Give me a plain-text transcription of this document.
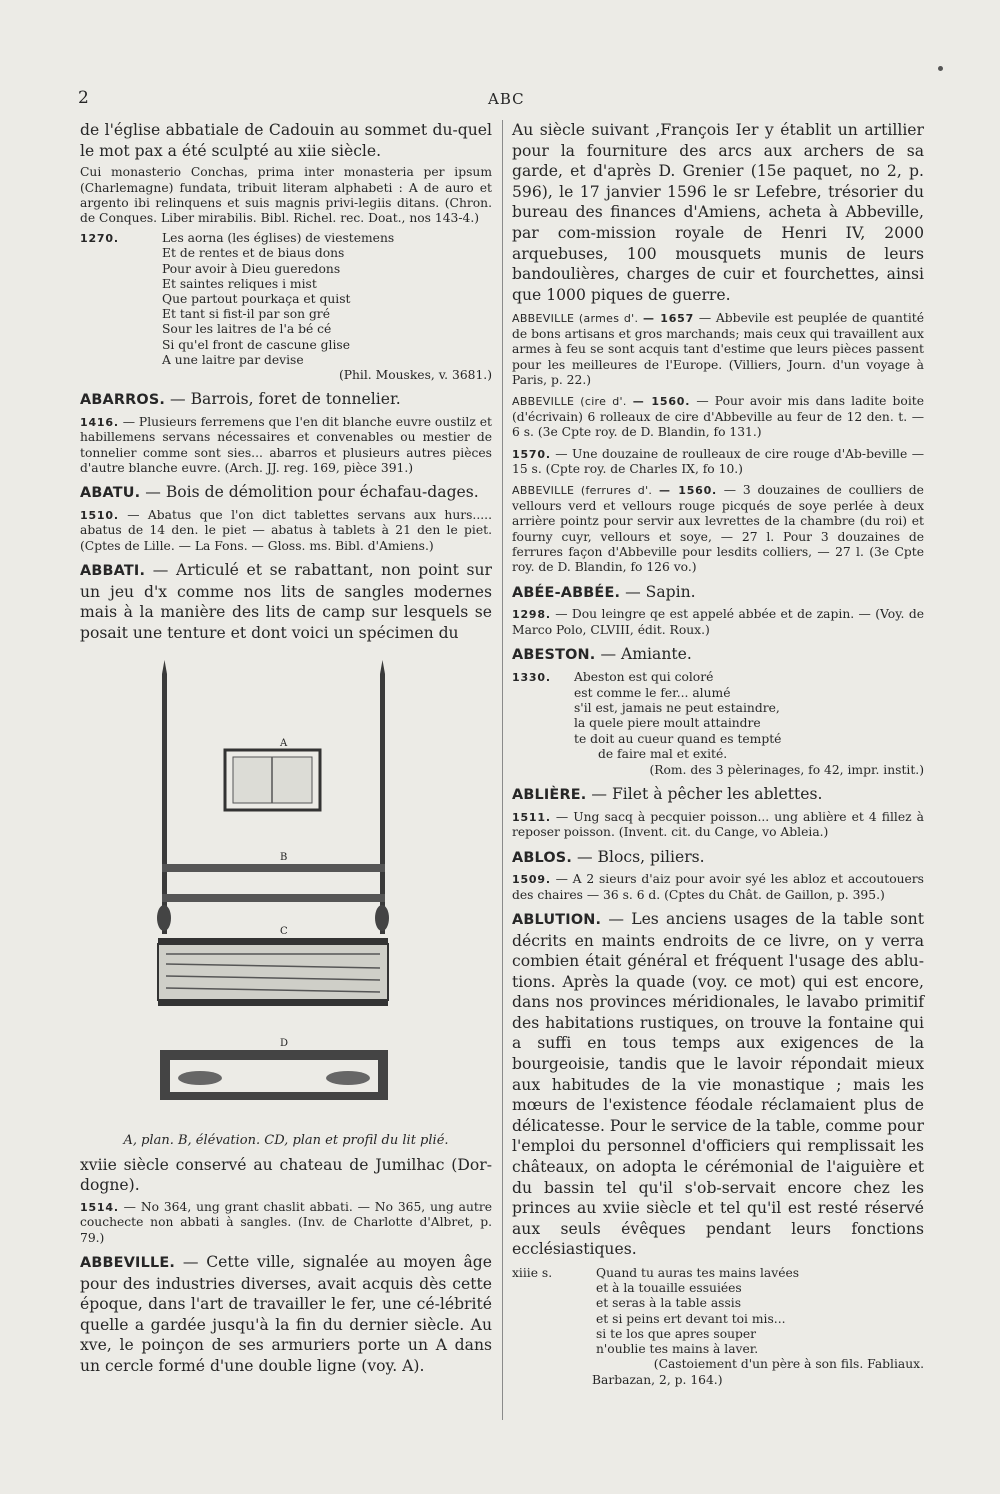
2	ABC

de l'église abbatiale de Cadouin au sommet du-quel le mot pax a été sculpté au xiie siècle.

Cui monasterio Conchas, prima inter monasteria per ipsum (Charlemagne) fundata, tribuit literam alphabeti : A de auro et argento ibi relinquens et suis magnis privi-legiis ditans. (Chron. de Conques. Liber mirabilis. Bibl. Richel. rec. Doat., nos 143-4.)

1270.	Les aorna (les églises) de viestemens
Et de rentes et de biaus dons
Pour avoir à Dieu gueredons
Et saintes reliques i mist
Que partout pourkaça et quist
Et tant si fist-il par son gré
Sour les laitres de l'a bé cé
Si qu'el front de cascune glise
A une laitre par devise
(Phil. Mouskes, v. 3681.)

ABARROS. — Barrois, foret de tonnelier.

1416. — Plusieurs ferremens que l'en dit blanche euvre oustilz et habillemens servans nécessaires et convenables ou mestier de tonnelier comme sont sies... abarros et plusieurs autres pièces d'autre blanche euvre. (Arch. JJ. reg. 169, pièce 391.)

ABATU. — Bois de démolition pour échafau-dages.

1510. — Abatus que l'on dict tablettes servans aux hurs..... abatus de 14 den. le piet — abatus à tablets à 21 den le piet. (Cptes de Lille. — La Fons. — Gloss. ms. Bibl. d'Amiens.)

ABBATI. — Articulé et se rabattant, non point sur un jeu d'x comme nos lits de sangles modernes mais à la manière des lits de camp sur lesquels se posait une tenture et dont voici un spécimen du

A
B
C
D

A, plan. B, élévation. CD, plan et profil du lit plié.

xviie siècle conservé au chateau de Jumilhac (Dor-dogne).

1514. — No 364, ung grant chaslit abbati. — No 365, ung autre couchecte non abbati à sangles. (Inv. de Charlotte d'Albret, p. 79.)

ABBEVILLE. — Cette ville, signalée au moyen âge pour des industries diverses, avait acquis dès cette époque, dans l'art de travailler le fer, une cé-lébrité quelle a gardée jusqu'à la fin du dernier siècle. Au xve, le poinçon de ses armuriers porte un A dans un cercle formé d'une double ligne (voy. A).

Au siècle suivant ,François Ier y établit un artillier pour la fourniture des arcs aux archers de sa garde, et d'après D. Grenier (15e paquet, no 2, p. 596), le 17 janvier 1596 le sr Lefebre, trésorier du bureau des finances d'Amiens, acheta à Abbeville, par com-mission royale de Henri IV, 2000 arquebuses, 100 mousquets munis de leurs bandoulières, charges de cuir et fourchettes, ainsi que 1000 piques de guerre.

ABBEVILLE (armes d'. — 1657 — Abbevile est peuplée de quantité de bons artisans et gros marchands; mais ceux qui travaillent aux armes à feu se sont acquis tant d'estime que leurs pièces passent pour les meilleures de l'Europe. (Villiers, Journ. d'un voyage à Paris, p. 22.)

ABBEVILLE (cire d'. — 1560. — Pour avoir mis dans ladite boite (d'écrivain) 6 rolleaux de cire d'Abbeville au feur de 12 den. t. — 6 s. (3e Cpte roy. de D. Blandin, fo 131.)

1570. — Une douzaine de roulleaux de cire rouge d'Ab-beville — 15 s. (Cpte roy. de Charles IX, fo 10.)

ABBEVILLE (ferrures d'. — 1560. — 3 douzaines de coulliers de vellours verd et vellours rouge picqués de soye perlée à deux arrière pointz pour servir aux levrettes de la chambre (du roi) et fourny cuyr, vellours et soye, — 27 l. Pour 3 douzaines de ferrures façon d'Abbeville pour lesdits colliers, — 27 l. (3e Cpte roy. de D. Blandin, fo 126 vo.)

ABÉE-ABBÉE. — Sapin.

1298. — Dou leingre qe est appelé abbée et de zapin. — (Voy. de Marco Polo, CLVIII, édit. Roux.)

ABESTON. — Amiante.

1330.	Abeston est qui coloré
est comme le fer... alumé
s'il est, jamais ne peut estaindre,
la quele piere moult attaindre
te doit au cueur quand es tempté
de faire mal et exité.
(Rom. des 3 pèlerinages, fo 42, impr. instit.)

ABLIÈRE. — Filet à pêcher les ablettes.

1511. — Ung sacq à pecquier poisson... ung ablière et 4 fillez à reposer poisson. (Invent. cit. du Cange, vo Ableia.)

ABLOS. — Blocs, piliers.

1509. — A 2 sieurs d'aiz pour avoir syé les abloz et accoutouers des chaires — 36 s. 6 d. (Cptes du Chât. de Gaillon, p. 395.)

ABLUTION. — Les anciens usages de la table sont décrits en maints endroits de ce livre, on y verra combien était général et fréquent l'usage des ablu-tions. Après la quade (voy. ce mot) qui est encore, dans nos provinces méridionales, le lavabo primitif des habitations rustiques, on trouve la fontaine qui a suffi en tous temps aux exigences de la bourgeoisie, tandis que le lavoir répondait mieux aux habitudes de la vie monastique ; mais les mœurs de l'existence féodale réclamaient plus de délicatesse. Pour le service de la table, comme pour l'emploi du personnel d'officiers qui remplissait les châteaux, on adopta le cérémonial de l'aiguière et du bassin tel qu'il s'ob-servait encore chez les princes au xviie siècle et tel qu'il est resté réservé aux seuls évêques pendant leurs fonctions ecclésiastiques.

xiiie s.	Quand tu auras tes mains lavées
et à la touaille essuiées
et seras à la table assis
et si peins ert devant toi mis...
si te los que apres souper
n'oublie tes mains à laver.

(Castoiement d'un père à son fils. Fabliaux.

Barbazan, 2, p. 164.)
